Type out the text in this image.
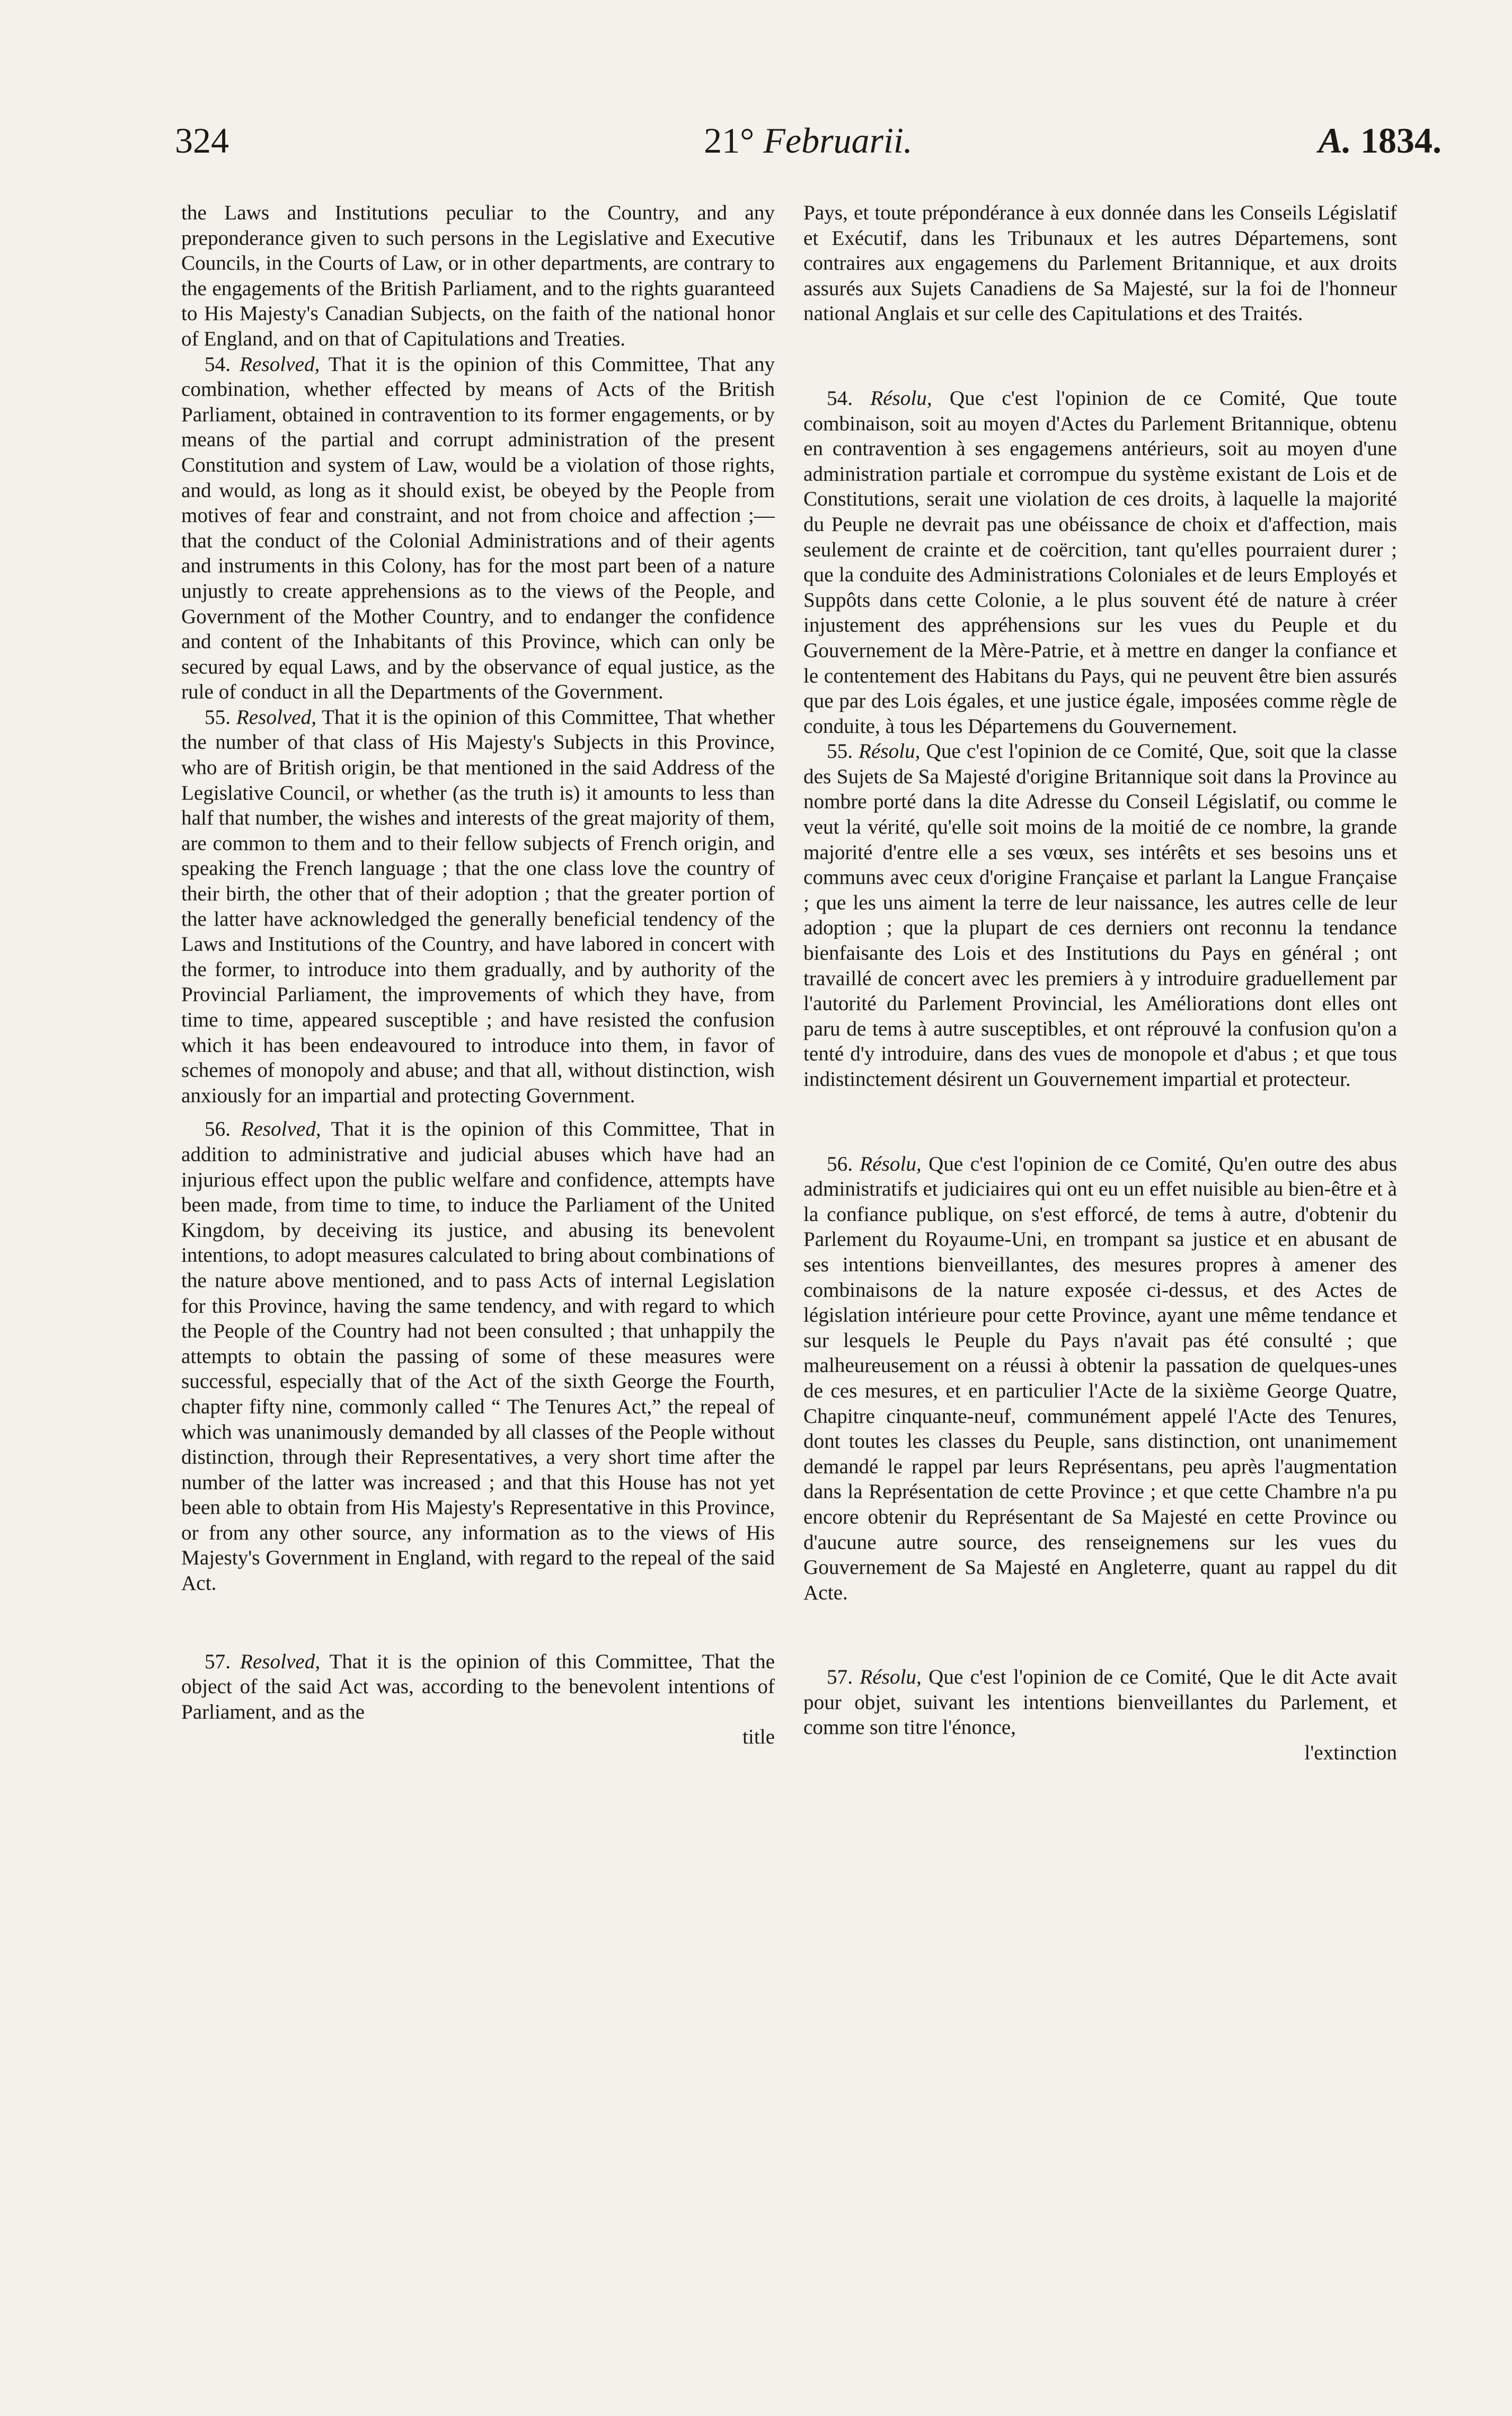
324	21° Februarii.	A. 1834.

the Laws and Institutions peculiar to the Country, and any preponderance given to such persons in the Legislative and Executive Councils, in the Courts of Law, or in other departments, are contrary to the engagements of the British Parliament, and to the rights guaranteed to His Majesty's Canadian Subjects, on the faith of the national honor of England, and on that of Capitulations and Treaties.

54. Resolved, That it is the opinion of this Committee, That any combination, whether effected by means of Acts of the British Parliament, obtained in contravention to its former engagements, or by means of the partial and corrupt administration of the present Constitution and system of Law, would be a violation of those rights, and would, as long as it should exist, be obeyed by the People from motives of fear and constraint, and not from choice and affection ;—that the conduct of the Colonial Administrations and of their agents and instruments in this Colony, has for the most part been of a nature unjustly to create apprehensions as to the views of the People, and Government of the Mother Country, and to endanger the confidence and content of the Inhabitants of this Province, which can only be secured by equal Laws, and by the observance of equal justice, as the rule of conduct in all the Departments of the Government.

55. Resolved, That it is the opinion of this Committee, That whether the number of that class of His Majesty's Subjects in this Province, who are of British origin, be that mentioned in the said Address of the Legislative Council, or whether (as the truth is) it amounts to less than half that number, the wishes and interests of the great majority of them, are common to them and to their fellow subjects of French origin, and speaking the French language ; that the one class love the country of their birth, the other that of their adoption ; that the greater portion of the latter have acknowledged the generally beneficial tendency of the Laws and Institutions of the Country, and have labored in concert with the former, to introduce into them gradually, and by authority of the Provincial Parliament, the improvements of which they have, from time to time, appeared susceptible ; and have resisted the confusion which it has been endeavoured to introduce into them, in favor of schemes of monopoly and abuse; and that all, without distinction, wish anxiously for an impartial and protecting Government.

56. Resolved, That it is the opinion of this Committee, That in addition to administrative and judicial abuses which have had an injurious effect upon the public welfare and confidence, attempts have been made, from time to time, to induce the Parliament of the United Kingdom, by deceiving its justice, and abusing its benevolent intentions, to adopt measures calculated to bring about combinations of the nature above mentioned, and to pass Acts of internal Legislation for this Province, having the same tendency, and with regard to which the People of the Country had not been consulted ; that unhappily the attempts to obtain the passing of some of these measures were successful, especially that of the Act of the sixth George the Fourth, chapter fifty nine, commonly called “ The Tenures Act,” the repeal of which was unanimously demanded by all classes of the People without distinction, through their Representatives, a very short time after the number of the latter was increased ; and that this House has not yet been able to obtain from His Majesty's Representative in this Province, or from any other source, any information as to the views of His Majesty's Government in England, with regard to the repeal of the said Act.

57. Resolved, That it is the opinion of this Committee, That the object of the said Act was, according to the benevolent intentions of Parliament, and as the

title

Pays, et toute prépondérance à eux donnée dans les Conseils Législatif et Exécutif, dans les Tribunaux et les autres Départemens, sont contraires aux engagemens du Parlement Britannique, et aux droits assurés aux Sujets Canadiens de Sa Majesté, sur la foi de l'honneur national Anglais et sur celle des Capitulations et des Traités.

54. Résolu, Que c'est l'opinion de ce Comité, Que toute combinaison, soit au moyen d'Actes du Parlement Britannique, obtenu en contravention à ses engagemens antérieurs, soit au moyen d'une administration partiale et corrompue du système existant de Lois et de Constitutions, serait une violation de ces droits, à laquelle la majorité du Peuple ne devrait pas une obéissance de choix et d'affection, mais seulement de crainte et de coërcition, tant qu'elles pourraient durer ; que la conduite des Administrations Coloniales et de leurs Employés et Suppôts dans cette Colonie, a le plus souvent été de nature à créer injustement des appréhensions sur les vues du Peuple et du Gouvernement de la Mère-Patrie, et à mettre en danger la confiance et le contentement des Habitans du Pays, qui ne peuvent être bien assurés que par des Lois égales, et une justice égale, imposées comme règle de conduite, à tous les Départemens du Gouvernement.

55. Résolu, Que c'est l'opinion de ce Comité, Que, soit que la classe des Sujets de Sa Majesté d'origine Britannique soit dans la Province au nombre porté dans la dite Adresse du Conseil Législatif, ou comme le veut la vérité, qu'elle soit moins de la moitié de ce nombre, la grande majorité d'entre elle a ses vœux, ses intérêts et ses besoins uns et communs avec ceux d'origine Française et parlant la Langue Française ; que les uns aiment la terre de leur naissance, les autres celle de leur adoption ; que la plupart de ces derniers ont reconnu la tendance bienfaisante des Lois et des Institutions du Pays en général ; ont travaillé de concert avec les premiers à y introduire graduellement par l'autorité du Parlement Provincial, les Améliorations dont elles ont paru de tems à autre susceptibles, et ont réprouvé la confusion qu'on a tenté d'y introduire, dans des vues de monopole et d'abus ; et que tous indistinctement désirent un Gouvernement impartial et protecteur.

56. Résolu, Que c'est l'opinion de ce Comité, Qu'en outre des abus administratifs et judiciaires qui ont eu un effet nuisible au bien-être et à la confiance publique, on s'est efforcé, de tems à autre, d'obtenir du Parlement du Royaume-Uni, en trompant sa justice et en abusant de ses intentions bienveillantes, des mesures propres à amener des combinaisons de la nature exposée ci-dessus, et des Actes de législation intérieure pour cette Province, ayant une même tendance et sur lesquels le Peuple du Pays n'avait pas été consulté ; que malheureusement on a réussi à obtenir la passation de quelques-unes de ces mesures, et en particulier l'Acte de la sixième George Quatre, Chapitre cinquante-neuf, communément appelé l'Acte des Tenures, dont toutes les classes du Peuple, sans distinction, ont unanimement demandé le rappel par leurs Représentans, peu après l'augmentation dans la Représentation de cette Province ; et que cette Chambre n'a pu encore obtenir du Représentant de Sa Majesté en cette Province ou d'aucune autre source, des renseignemens sur les vues du Gouvernement de Sa Majesté en Angleterre, quant au rappel du dit Acte.

57. Résolu, Que c'est l'opinion de ce Comité, Que le dit Acte avait pour objet, suivant les intentions bienveillantes du Parlement, et comme son titre l'énonce,

l'extinction
